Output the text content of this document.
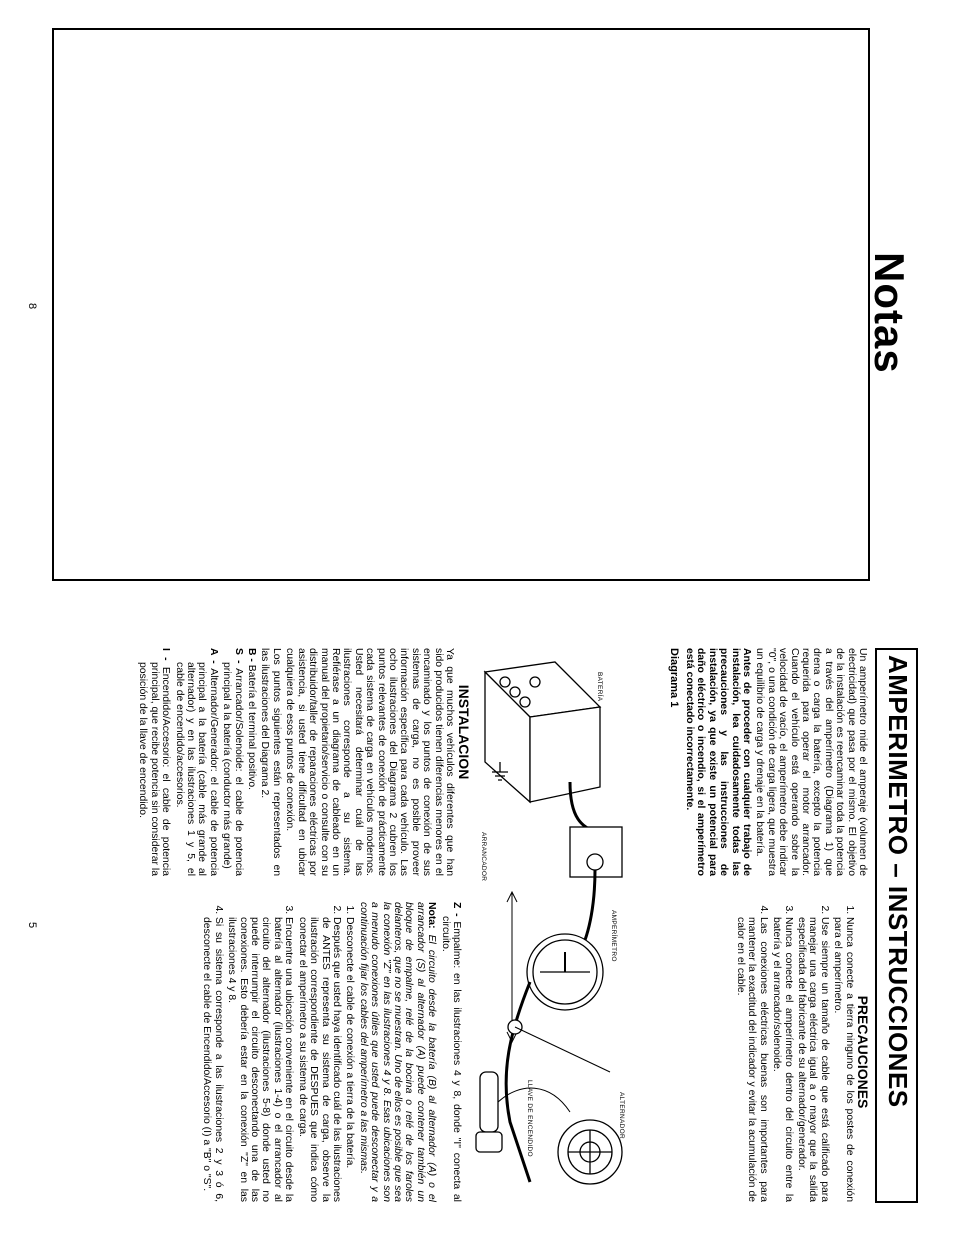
Notas
8
5	AMPERIMETRO – INSTRUCCIONES

Un amperímetro mide el amperaje (volumen de electricidad) que pasa por el mismo. El objetivo de la instalación es reencaminar toda la potencia a través del amperímetro (Diagrama 1) que drena o carga la batería, excepto la potencia requerida para operar el motor arrancador. Cuando el vehículo está operando sobre la velocidad de vacío, el amperímetro debe indicar "0", o una condición de carga ligera, que muestra un equilibrio de carga y drenaje en la batería.

Antes de proceder con cualquier trabajo de instalación, lea cuidadosamente todas las precauciones y las instrucciones de instalación, ya que existe un potencial para daño eléctrico o incendio, si el amperímetro está conectado incorrectamente.

Diagrama 1
INSTALACION

Ya que muchos vehículos diferentes que han sido producidos tienen diferencias menores en el encaminado y los puntos de conexión de sus sistemas de carga, no es posible proveer información específica para cada vehículo. Las ocho ilustraciones del Diagrama 2 cubren los puntos relevantes de conexión de prácticamente cada sistema de carga en vehículos modernos. Usted necesitará determinar cuál de las ilustraciones corresponde a su sistema. Refiérase a un diagrama de cableado en un manual del propietario/servicio o consulte con su distribuidor/taller de reparaciones eléctricas por asistencia, si usted tiene dificultad en ubicar cualquiera de esos puntos de conexión.

Los puntos siguientes están representados en las ilustraciones del Diagrama 2.

B - Batería el terminal positivo.
S - Arrancador/Solenoide: el cable de potencia principal a la batería (conductor más grande)
A - Alternador/Generador: el cable de potencia principal a la batería (cable más grande al alternador) y en las ilustraciones 1 y 5, el cable de encendido/accesorios.
I - Encendido/Accesorio: el cable de potencia principal, que recibe potencia sin considerar la posición de la llave de encendido.
PRECAUCIONES
1. Nunca conecte a tierra ninguno de los postes de conexión para el amperímetro.
2. Use siempre un tamaño de cable que está calificado para manejar una carga eléctrica igual a o mayor que la salida especificada del fabricante de su alternador/generador.
3. Nunca conecte el amperímetro dentro del circuito entre la batería y el arrancador/solenoide.
4. Las conexiones eléctricas buenas son importantes para mantener la exactitud del indicador y evitar la acumulación de calor en el cable.
Z - Empalme: en las ilustraciones 4 y 8, donde "I" conecta al circuito.

Nota: El circuito desde la batería (B) al alternador (A) o el arrancador (S) al alternador (A) puede contener también un bloque de empalme, relé de la bocina o relé de los faroles delanteros, que no se muestran. Uno de ellos es posible que sea la conexión "Z" en las ilustraciones 4 y 8. Esas ubicaciones son a menudo conexiones útiles que usted puede desconectar y a continuación fijar los cables del amperímetro a las mismas.

1. Desconecte el cable de conexión a tierra de la batería.
2. Después que usted haya identificado cuál de las ilustraciones de ANTES representa su sistema de carga, observe la ilustración correspondiente de DESPUES que indica cómo conectar el amperímetro a su sistema de carga.
3. Encuentre una ubicación conveniente en el circuito desde la batería al alternador (ilustraciones 1-4) o el arrancador al circuito del alternador (ilustraciones 5-8) donde usted no puede interrumpir el circuito desconectando una de las conexiones. Esto debería estar en la conexión "Z" en las ilustraciones 4 y 8.
4. Si su sistema corresponde a las ilustraciones 2 y 3 ó 6, desconecte el cable de Encendido/Accesorio (I) a "B" o "S".
BATERÍA
ARRANCADOR
AMPERÍMETRO
ALTERNADOR
LLAVE DE ENCENDIDO
